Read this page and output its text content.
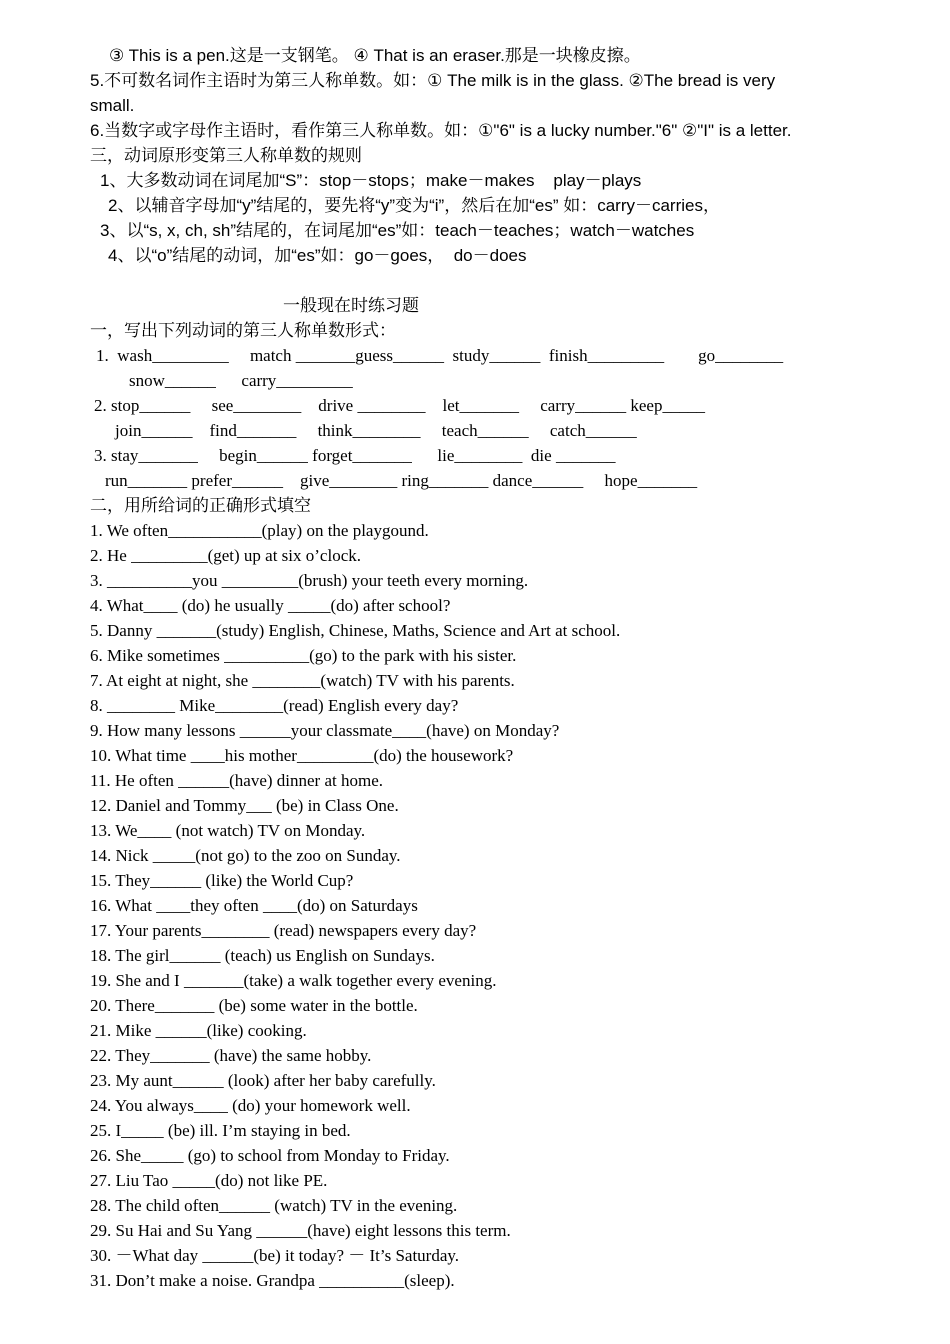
③ This is a pen.这是一支钢笔。 ④ That is an eraser.那是一块橡皮擦。
5.不可数名词作主语时为第三人称单数。如：① The milk is in the glass. ②The bread is very
small.
6.当数字或字母作主语时，看作第三人称单数。如：①"6" is a lucky number."6" ②"I" is a letter.
三，动词原形变第三人称单数的规则
1、大多数动词在词尾加“S”：stop－stops；make－makes    play－plays
2、以辅音字母加“y”结尾的，要先将“y”变为“i”，然后在加“es” 如：carry－carries，
3、以“s, x, ch, sh”结尾的，在词尾加“es”如：teach－teaches；watch－watches
4、以“o”结尾的动词，加“es”如：go－goes，  do－does
一般现在时练习题
一，写出下列动词的第三人称单数形式：
1.  wash_________     match _______guess______  study______  finish_________        go________
snow______      carry_________
2. stop______     see________    drive ________    let_______     carry______ keep_____
join______    find_______     think________     teach______     catch______
3. stay_______     begin______ forget_______      lie________  die _______
run_______ prefer______    give________ ring_______ dance______     hope_______
二，用所给词的正确形式填空
1. We often___________(play) on the playgound.
2. He _________(get) up at six o’clock.
3. __________you _________(brush) your teeth every morning.
4. What____ (do) he usually _____(do) after school?
5. Danny _______(study) English, Chinese, Maths, Science and Art at school.
6. Mike sometimes __________(go) to the park with his sister.
7. At eight at night, she ________(watch) TV with his parents.
8. ________ Mike________(read) English every day?
9. How many lessons ______your classmate____(have) on Monday?
10. What time ____his mother_________(do) the housework?
11. He often ______(have) dinner at home.
12. Daniel and Tommy___ (be) in Class One.
13. We____ (not watch) TV on Monday.
14. Nick _____(not go) to the zoo on Sunday.
15. They______ (like) the World Cup?
16. What ____they often ____(do) on Saturdays
17. Your parents________ (read) newspapers every day?
18. The girl______ (teach) us English on Sundays.
19. She and I _______(take) a walk together every evening.
20. There_______ (be) some water in the bottle.
21. Mike ______(like) cooking.
22. They_______ (have) the same hobby.
23. My aunt______ (look) after her baby carefully.
24. You always____ (do) your homework well.
25. I_____ (be) ill. I’m staying in bed.
26. She_____ (go) to school from Monday to Friday.
27. Liu Tao _____(do) not like PE.
28. The child often______ (watch) TV in the evening.
29. Su Hai and Su Yang ______(have) eight lessons this term.
30. －What day ______(be) it today? － It’s Saturday.
31. Don’t make a noise. Grandpa __________(sleep).
